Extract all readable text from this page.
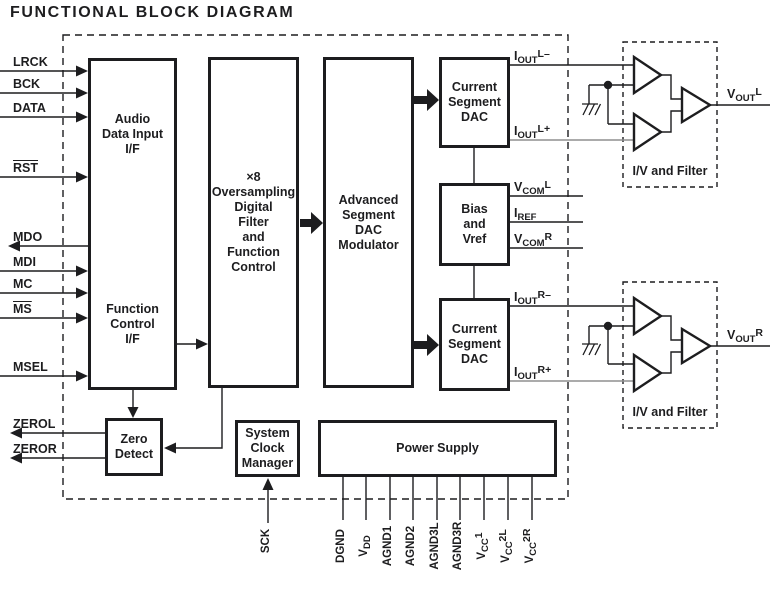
FUNCTIONAL BLOCK DIAGRAM
Audio
Data Input
I/F
Function
Control
I/F
×8
Oversampling
Digital
Filter
and
Function
Control
Advanced
Segment
DAC
Modulator
Current
Segment
DAC
Bias
and
Vref
Current
Segment
DAC
Zero
Detect
System
Clock
Manager
Power Supply
I/V and Filter
I/V and Filter
LRCK
BCK
DATA
$\overline{RST}$
MDO
MDI
MC
$\overline{MS}$
MSEL
ZEROL
ZEROR
$I_{OUT}^{L-}$
$I_{OUT}^{L+}$
$V_{COM}^L$
$I_{REF}$
$V_{COM}^R$
$I_{OUT}^{R-}$
$I_{OUT}^{R+}$
$V_{OUT}^L$
$V_{OUT}^R$
SCK	DGND $V_{DD}$ AGND1 AGND2	AGND3L AGND3R	$V_{CC}1$
$V_{CC}2L$
$V_{CC}2R$
